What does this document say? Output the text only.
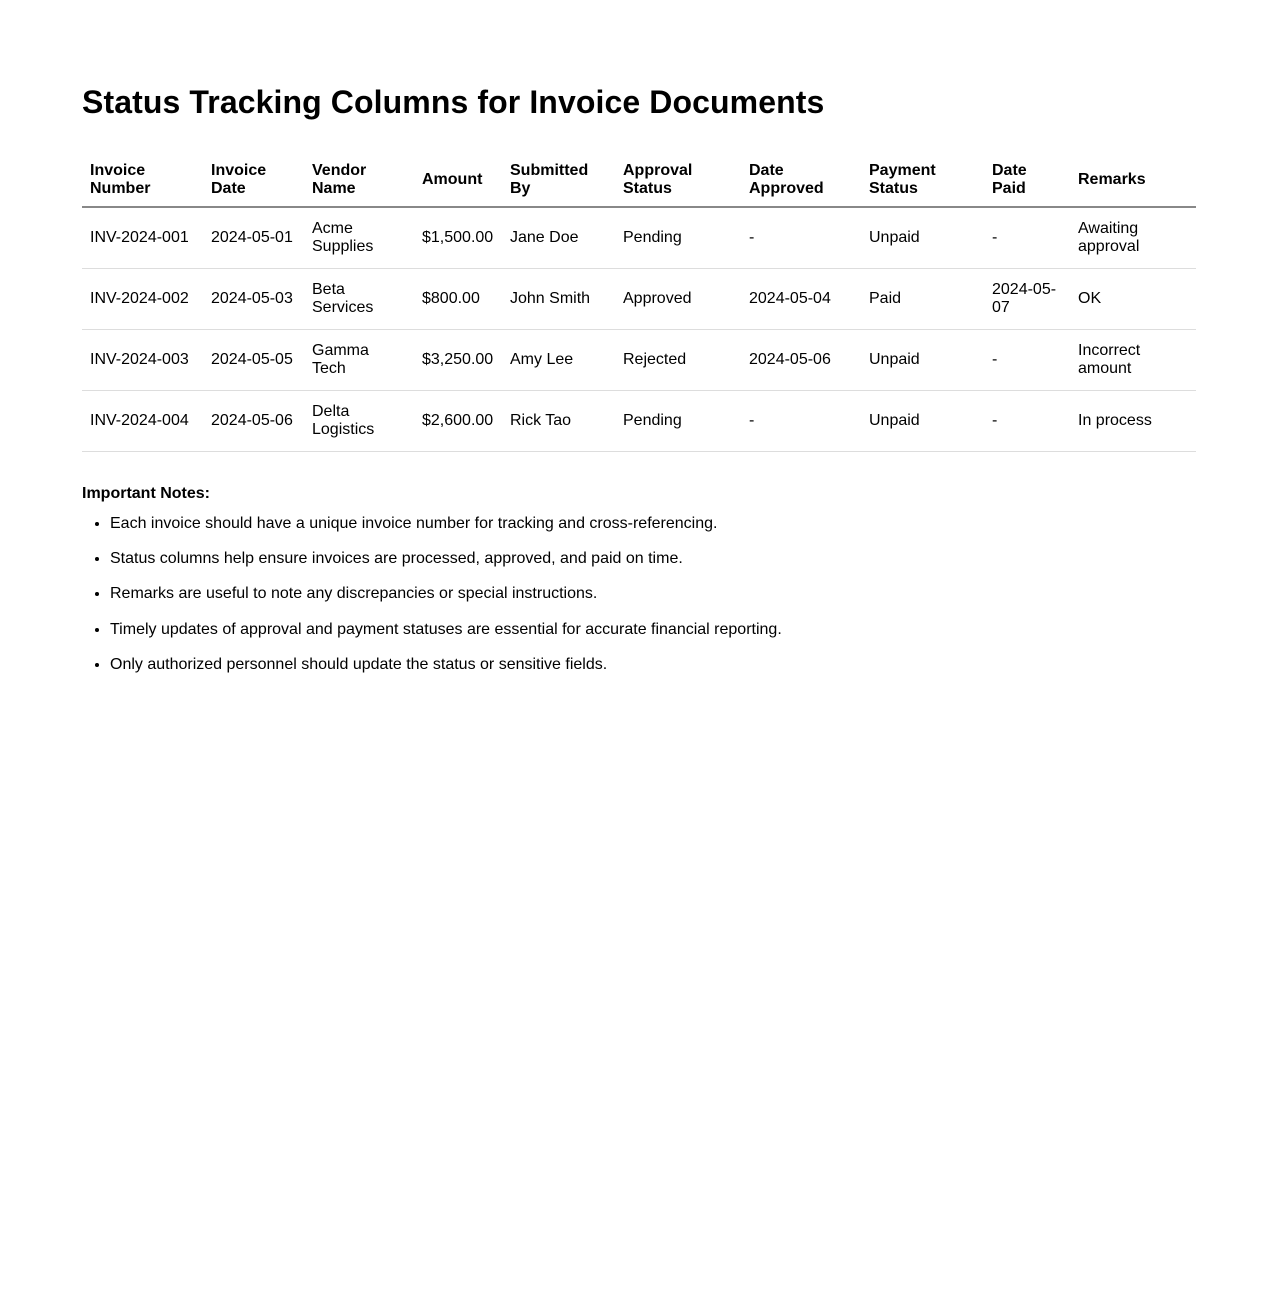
Status Tracking Columns for Invoice Documents
Invoice Number	Invoice Date	Vendor Name	Amount	Submitted By	Approval Status	Date Approved	Payment Status	Date Paid	Remarks
INV-2024-001	2024-05-01	Acme Supplies	$1,500.00	Jane Doe	Pending	-	Unpaid	-	Awaiting approval
INV-2024-002	2024-05-03	Beta Services	$800.00	John Smith	Approved	2024-05-04	Paid	2024-05-07	OK
INV-2024-003	2024-05-05	Gamma Tech	$3,250.00	Amy Lee	Rejected	2024-05-06	Unpaid	-	Incorrect amount
INV-2024-004	2024-05-06	Delta Logistics	$2,600.00	Rick Tao	Pending	-	Unpaid	-	In process
Important Notes:
• Each invoice should have a unique invoice number for tracking and cross-referencing.
• Status columns help ensure invoices are processed, approved, and paid on time.
• Remarks are useful to note any discrepancies or special instructions.
• Timely updates of approval and payment statuses are essential for accurate financial reporting.
• Only authorized personnel should update the status or sensitive fields.
